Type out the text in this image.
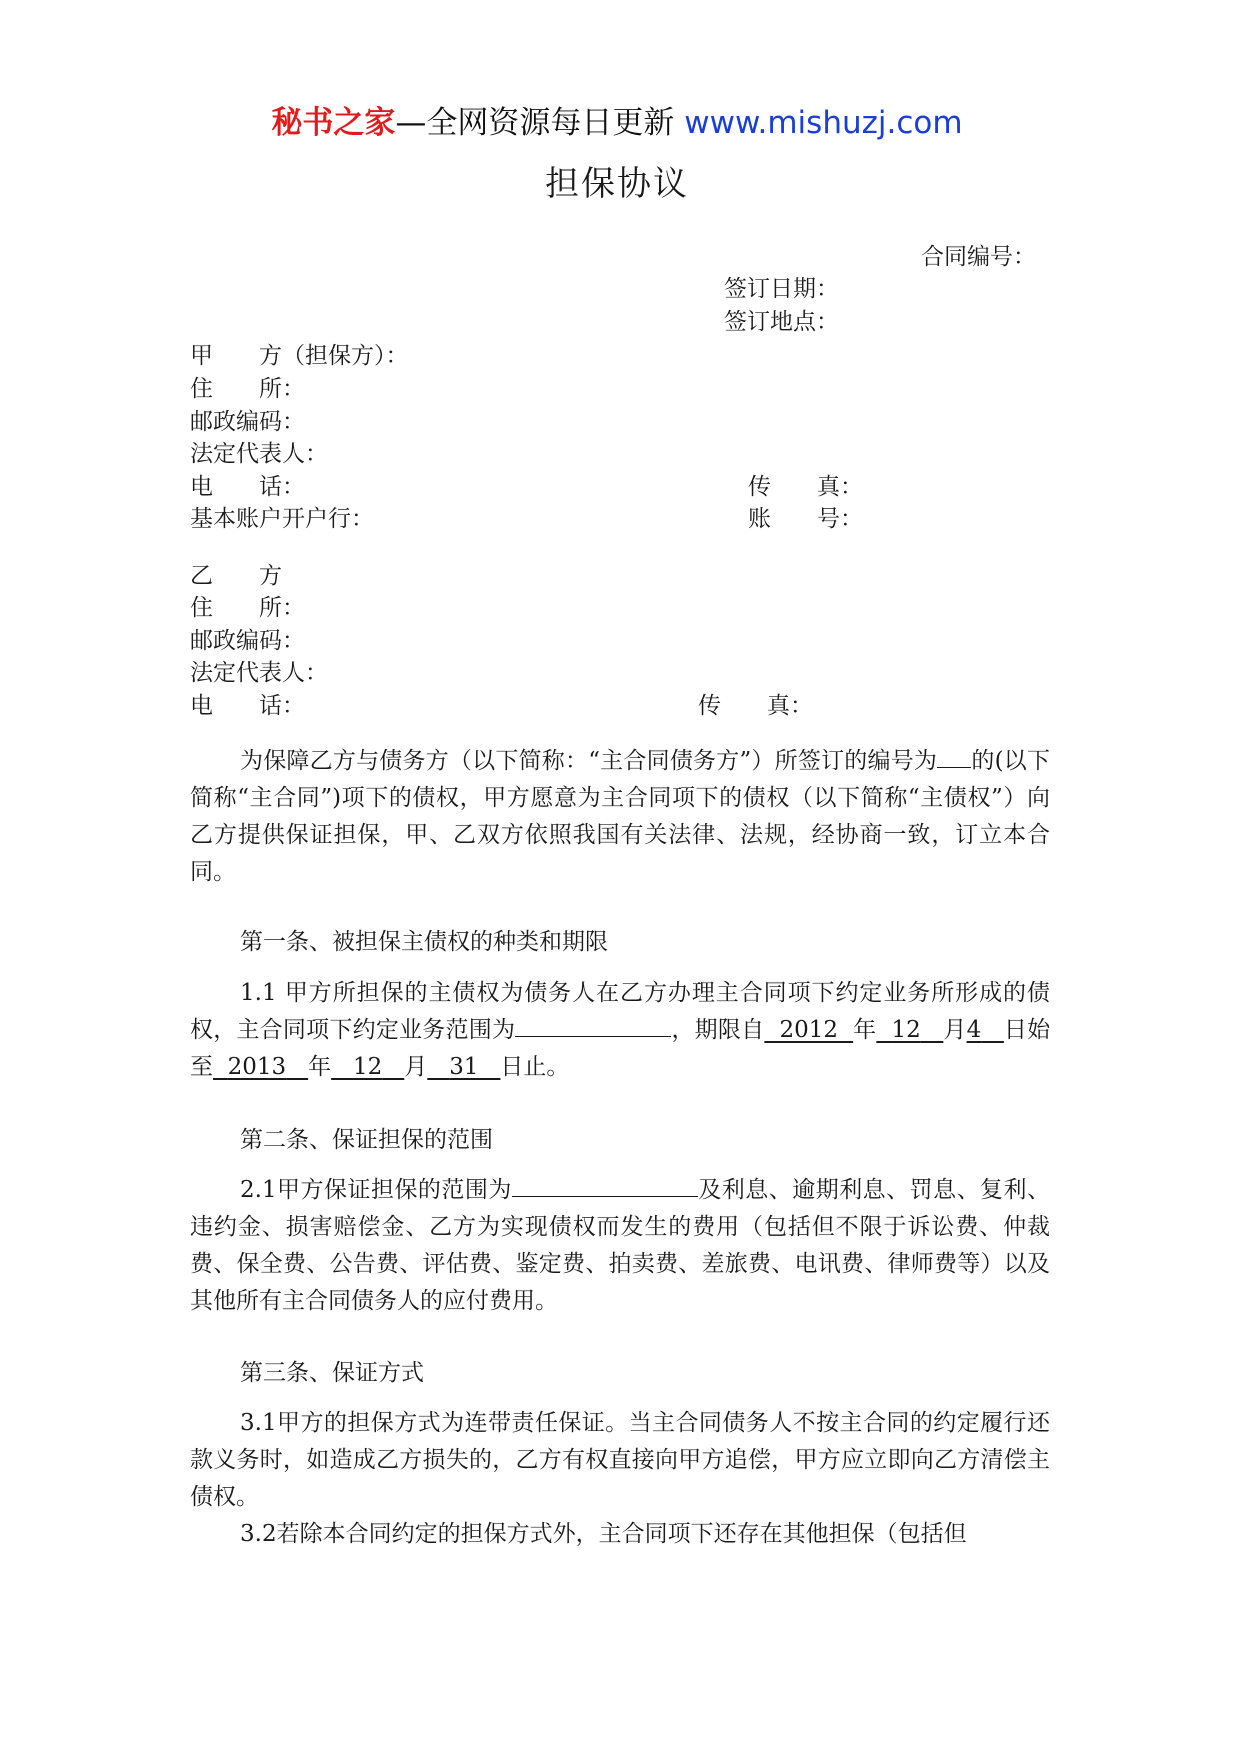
秘书之家—全网资源每日更新 www.mishuzj.com
担保协议
合同编号：
签订日期：
签订地点：
甲　　方（担保方）：
住　　所：
邮政编码：
法定代表人：
电　　话：	传　　真：
基本账户开户行：	账　　号：
乙　　方
住　　所：
邮政编码：
法定代表人：
电　　话：	传　　真：
为保障乙方与债务方（以下简称：“主合同债务方”）所签订的编号为 的(以下简称“主合同”)项下的债权，甲方愿意为主合同项下的债权（以下简称“主债权”）向乙方提供保证担保，甲、乙双方依照我国有关法律、法规，经协商一致，订立本合同。
第一条、被担保主债权的种类和期限
1.1 甲方所担保的主债权为债务人在乙方办理主合同项下约定业务所形成的债权，主合同项下约定业务范围为	，期限自 2012 年 12 月4 日始至 2013 年 12 月 31 日止。
第二条、保证担保的范围
2.1甲方保证担保的范围为	及利息、逾期利息、罚息、复利、违约金、损害赔偿金、乙方为实现债权而发生的费用（包括但不限于诉讼费、仲裁费、保全费、公告费、评估费、鉴定费、拍卖费、差旅费、电讯费、律师费等）以及其他所有主合同债务人的应付费用。
第三条、保证方式
3.1甲方的担保方式为连带责任保证。当主合同债务人不按主合同的约定履行还款义务时，如造成乙方损失的，乙方有权直接向甲方追偿，甲方应立即向乙方清偿主债权。
3.2若除本合同约定的担保方式外，主合同项下还存在其他担保（包括但
